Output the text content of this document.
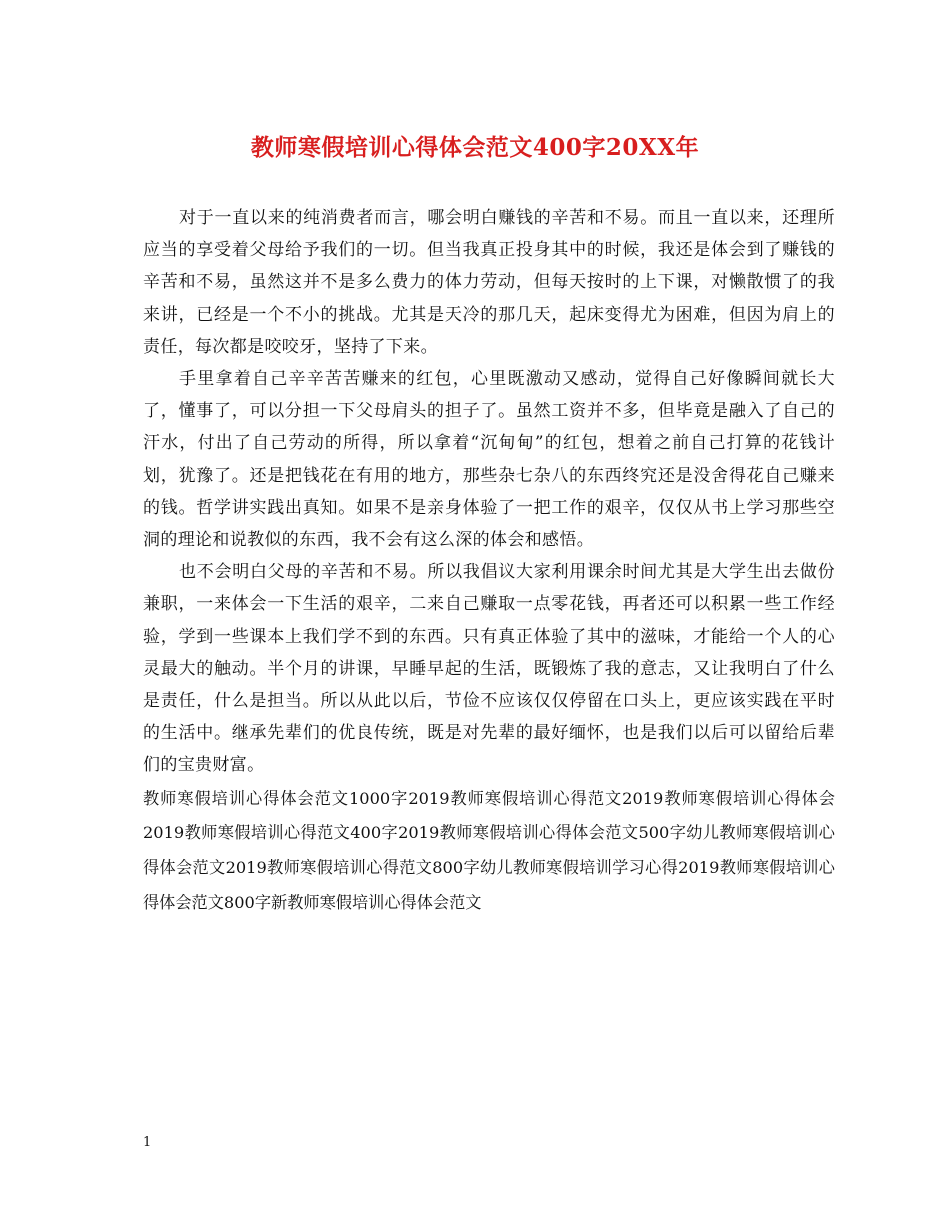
教师寒假培训心得体会范文400字20XX年

对于一直以来的纯消费者而言，哪会明白赚钱的辛苦和不易。而且一直以来，还理所应当的享受着父母给予我们的一切。但当我真正投身其中的时候，我还是体会到了赚钱的辛苦和不易，虽然这并不是多么费力的体力劳动，但每天按时的上下课，对懒散惯了的我来讲，已经是一个不小的挑战。尤其是天冷的那几天，起床变得尤为困难，但因为肩上的责任，每次都是咬咬牙，坚持了下来。

手里拿着自己辛辛苦苦赚来的红包，心里既激动又感动，觉得自己好像瞬间就长大了，懂事了，可以分担一下父母肩头的担子了。虽然工资并不多，但毕竟是融入了自己的汗水，付出了自己劳动的所得，所以拿着“沉甸甸”的红包，想着之前自己打算的花钱计划，犹豫了。还是把钱花在有用的地方，那些杂七杂八的东西终究还是没舍得花自己赚来的钱。哲学讲实践出真知。如果不是亲身体验了一把工作的艰辛，仅仅从书上学习那些空洞的理论和说教似的东西，我不会有这么深的体会和感悟。

也不会明白父母的辛苦和不易。所以我倡议大家利用课余时间尤其是大学生出去做份兼职，一来体会一下生活的艰辛，二来自己赚取一点零花钱，再者还可以积累一些工作经验，学到一些课本上我们学不到的东西。只有真正体验了其中的滋味，才能给一个人的心灵最大的触动。半个月的讲课，早睡早起的生活，既锻炼了我的意志，又让我明白了什么是责任，什么是担当。所以从此以后，节俭不应该仅仅停留在口头上，更应该实践在平时的生活中。继承先辈们的优良传统，既是对先辈的最好缅怀，也是我们以后可以留给后辈们的宝贵财富。

教师寒假培训心得体会范文1000字2019教师寒假培训心得范文2019教师寒假培训心得体会2019教师寒假培训心得范文400字2019教师寒假培训心得体会范文500字幼儿教师寒假培训心得体会范文2019教师寒假培训心得范文800字幼儿教师寒假培训学习心得2019教师寒假培训心得体会范文800字新教师寒假培训心得体会范文

1
